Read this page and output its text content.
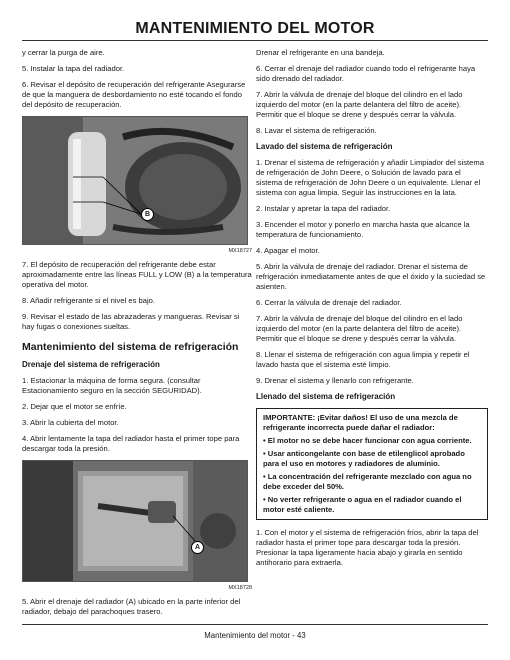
MANTENIMIENTO DEL MOTOR

y cerrar la purga de aire.

5. Instalar la tapa del radiador.

6. Revisar el depósito de recuperación del refrigerante Asegurarse de que la manguera de desbordamiento no esté tocando el fondo del depósito de recuperación.

B
MX18727

7. El depósito de recuperación del refrigerante debe estar aproximadamente entre las líneas FULL y LOW (B) a la temperatura operativa del motor.

8. Añadir refrigerante si el nivel es bajo.

9. Revisar el estado de las abrazaderas y mangueras. Revisar si hay fugas o conexiones sueltas.

Mantenimiento del sistema de refrigeración
Drenaje del sistema de refrigeración

1. Estacionar la máquina de forma segura. (consultar Estacionamiento seguro en la sección SEGURIDAD).

2. Dejar que el motor se enfríe.

3. Abrir la cubierta del motor.

4. Abrir lentamente la tapa del radiador hasta el primer tope para descargar toda la presión.

A
MX18728

5. Abrir el drenaje del radiador (A) ubicado en la parte inferior del radiador, debajo del parachoques trasero.

Drenar el refrigerante en una bandeja.

6. Cerrar el drenaje del radiador cuando todo el refrigerante haya sido drenado del radiador.

7. Abrir la válvula de drenaje del bloque del cilindro en el lado izquierdo del motor (en la parte delantera del filtro de aceite). Permitir que el bloque se drene y después cerrar la válvula.

8. Lavar el sistema de refrigeración.

Lavado del sistema de refrigeración

1. Drenar el sistema de refrigeración y añadir Limpiador del sistema de refrigeración de John Deere, o Solución de lavado para el sistema de refrigeración de John Deere o un equivalente. Llenar el sistema con agua limpia. Seguir las instrucciones en la lata.

2. Instalar y apretar la tapa del radiador.

3. Encender el motor y ponerlo en marcha hasta que alcance la temperatura de funcionamiento.

4. Apagar el motor.

5. Abrir la válvula de drenaje del radiador. Drenar el sistema de refrigeración inmediatamente antes de que el óxido y la suciedad se asienten.

6. Cerrar la válvula de drenaje del radiador.

7. Abrir la válvula de drenaje del bloque del cilindro en el lado izquierdo del motor (en la parte delantera del filtro de aceite). Permitir que el bloque se drene y después cerrar la válvula.

8. Llenar el sistema de refrigeración con agua limpia y repetir el lavado hasta que el sistema esté limpio.

9. Drenar el sistema y llenarlo con refrigerante.

Llenado del sistema de refrigeración
IMPORTANTE: ¡Evitar daños! El uso de una mezcla de refrigerante incorrecta puede dañar el radiador:
• El motor no se debe hacer funcionar con agua corriente.
• Usar anticongelante con base de etilenglicol aprobado para el uso en motores y radiadores de aluminio.
• La concentración del refrigerante mezclado con agua no debe exceder del 50%.
• No verter refrigerante o agua en el radiador cuando el motor esté caliente.

1. Con el motor y el sistema de refrigeración fríos, abrir la tapa del radiador hasta el primer tope para descargar toda la presión. Presionar la tapa ligeramente hacia abajo y girarla en sentido antihorario para extraerla.

Mantenimiento del motor - 43
